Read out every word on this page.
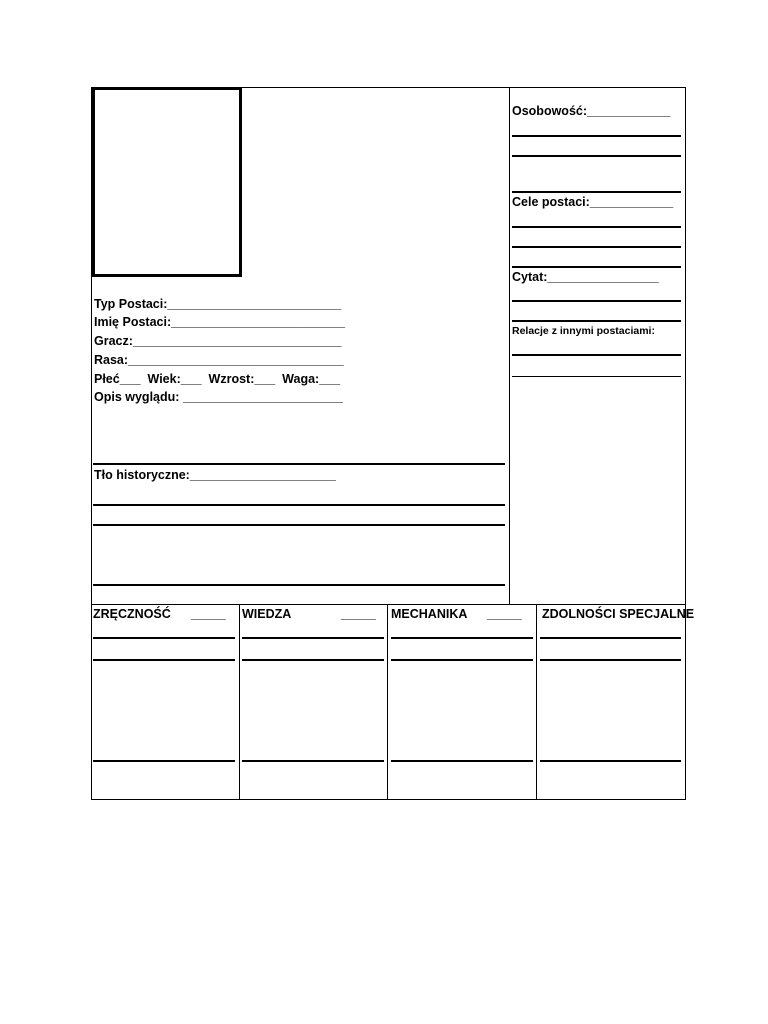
Typ Postaci:_________________________
Imię Postaci:_________________________
Gracz:______________________________
Rasa:_______________________________
Płeć___  Wiek:___  Wzrost:___  Waga:___
Opis wyglądu: _______________________
Tło historyczne:_____________________
Osobowość:____________
Cele postaci:____________
Cytat:________________
Relacje z innymi postaciami:
ZRĘCZNOŚĆ _____ WIEDZA	_____ MECHANIKA _____ ZDOLNOŚCI SPECJALNE
